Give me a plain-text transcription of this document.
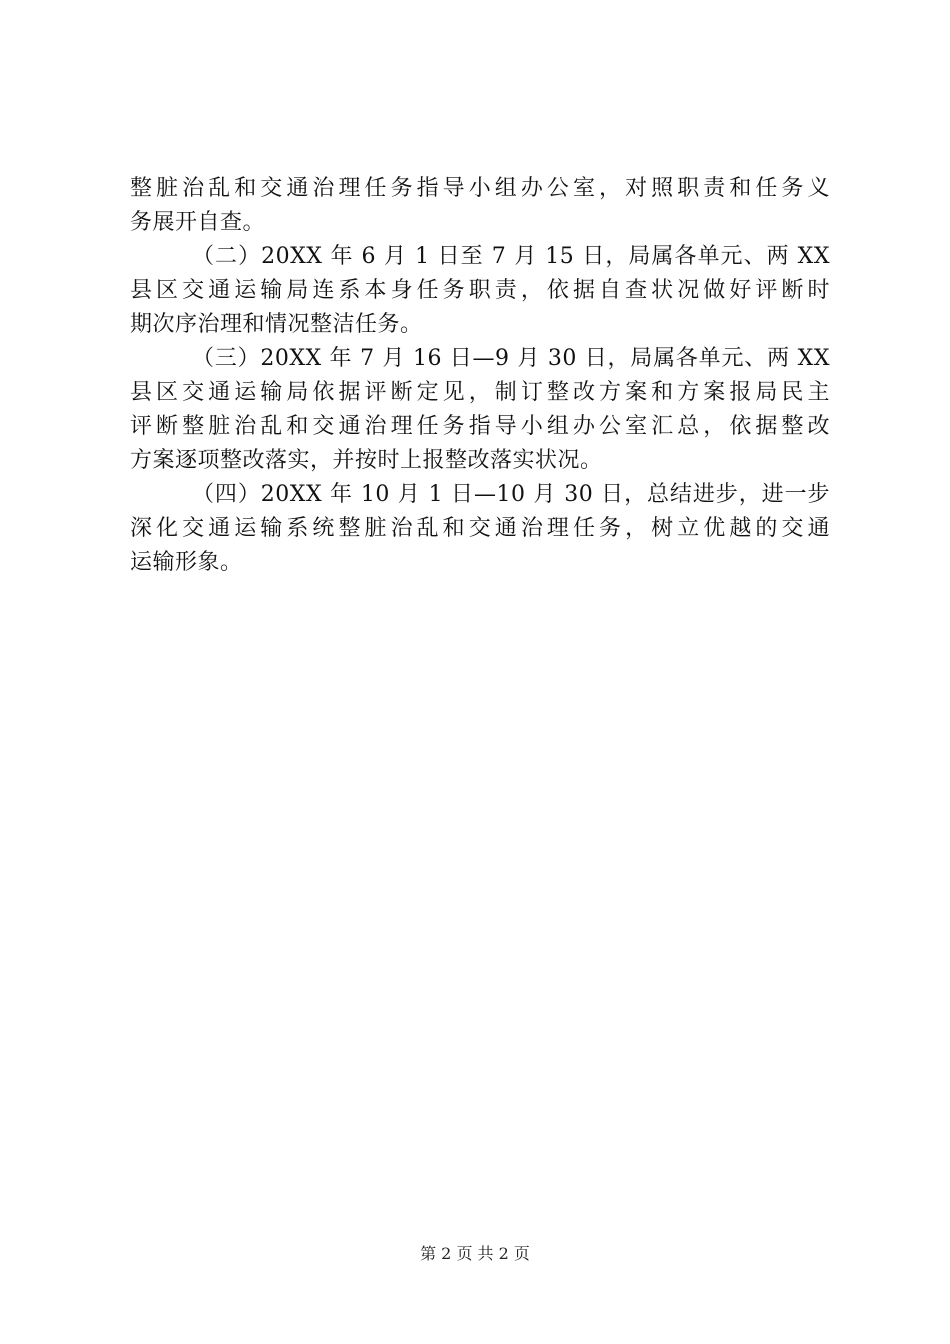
整脏治乱和交通治理任务指导小组办公室，对照职责和任务义
务展开自查。
（二）20XX 年 6 月 1 日至 7 月 15 日，局属各单元、两 XX
县区交通运输局连系本身任务职责，依据自查状况做好评断时
期次序治理和情况整洁任务。
（三）20XX 年 7 月 16 日—9 月 30 日，局属各单元、两 XX
县区交通运输局依据评断定见，制订整改方案和方案报局民主
评断整脏治乱和交通治理任务指导小组办公室汇总，依据整改
方案逐项整改落实，并按时上报整改落实状况。
（四）20XX 年 10 月 1 日—10 月 30 日，总结进步，进一步
深化交通运输系统整脏治乱和交通治理任务，树立优越的交通
运输形象。
第 2 页 共 2 页
